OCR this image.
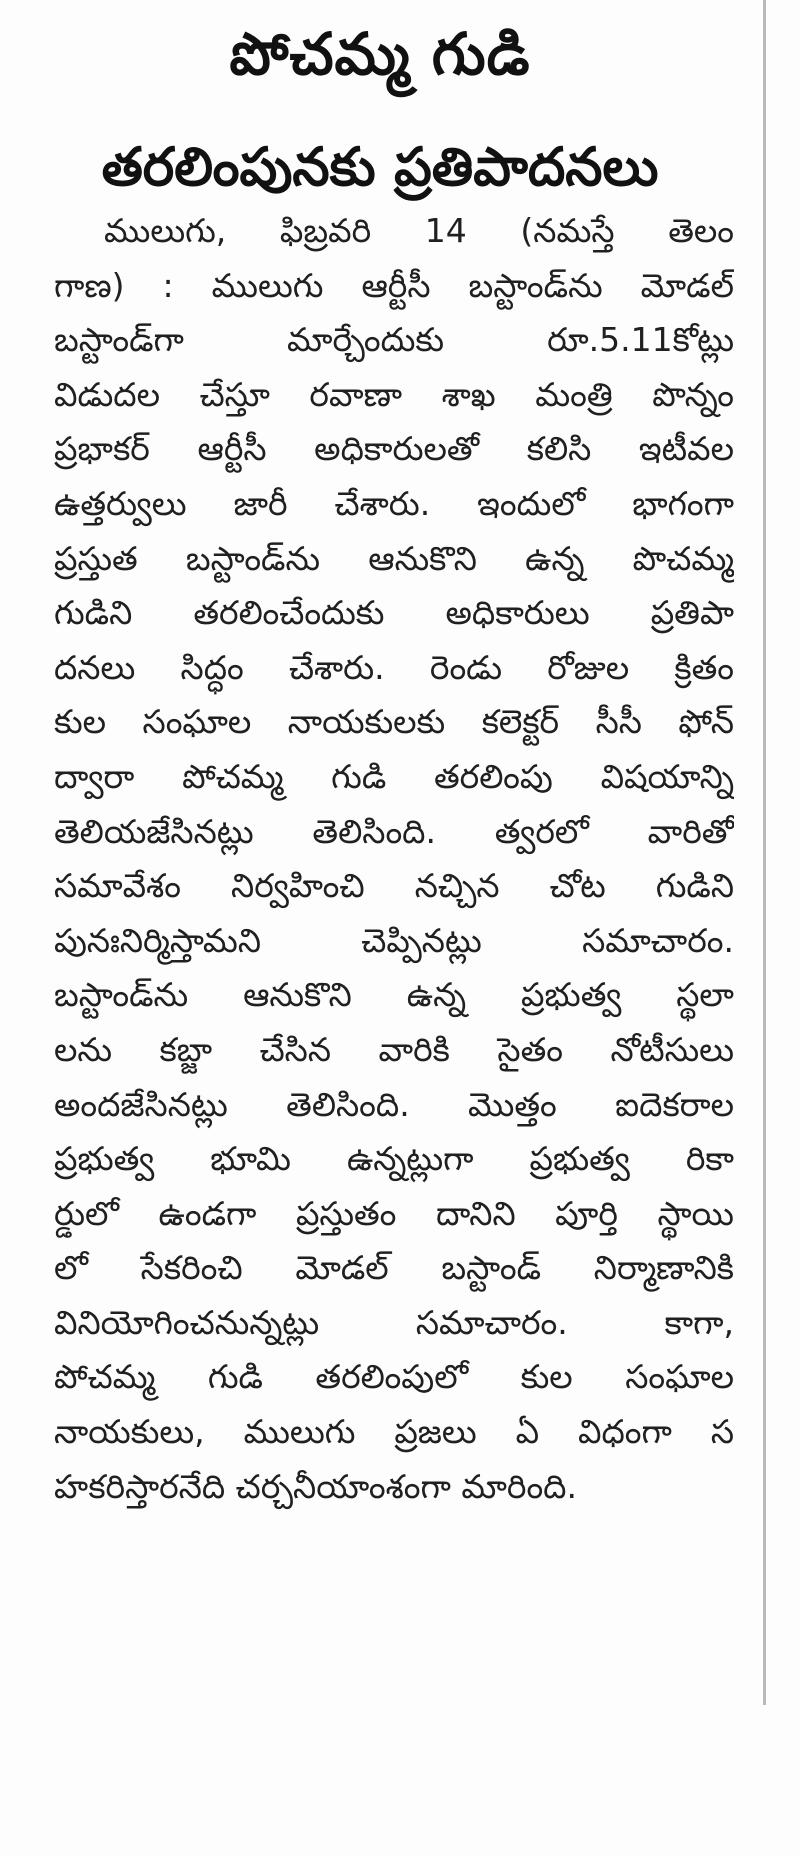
పోచమ్మ గుడి
తరలింపునకు ప్రతిపాదనలు
ములుగు, ఫిబ్రవరి 14 (నమస్తే తెలం
గాణ) : ములుగు ఆర్టీసీ బస్టాండ్‌ను మోడల్
బస్టాండ్‌గా మార్చేందుకు రూ.5.11కోట్లు
విడుదల చేస్తూ రవాణా శాఖ మంత్రి పొన్నం
ప్రభాకర్ ఆర్టీసీ అధికారులతో కలిసి ఇటీవల
ఉత్తర్వులు జారీ చేశారు. ఇందులో భాగంగా
ప్రస్తుత బస్టాండ్‌ను ఆనుకొని ఉన్న పొచమ్మ
గుడిని తరలించేందుకు అధికారులు ప్రతిపా
దనలు సిద్ధం చేశారు. రెండు రోజుల క్రితం
కుల సంఘాల నాయకులకు కలెక్టర్ సీసీ ఫోన్
ద్వారా పోచమ్మ గుడి తరలింపు విషయాన్ని
తెలియజేసినట్లు తెలిసింది. త్వరలో వారితో
సమావేశం నిర్వహించి నచ్చిన చోట గుడిని
పునఃనిర్మిస్తామని చెప్పినట్లు సమాచారం.
బస్టాండ్‌ను ఆనుకొని ఉన్న ప్రభుత్వ స్థలా
లను కబ్జా చేసిన వారికి సైతం నోటీసులు
అందజేసినట్లు తెలిసింది. మొత్తం ఐదెకరాల
ప్రభుత్వ భూమి ఉన్నట్లుగా ప్రభుత్వ రికా
ర్డులో ఉండగా ప్రస్తుతం దానిని పూర్తి స్థాయి
లో సేకరించి మోడల్ బస్టాండ్ నిర్మాణానికి
వినియోగించనున్నట్లు సమాచారం. కాగా,
పోచమ్మ గుడి తరలింపులో కుల సంఘాల
నాయకులు, ములుగు ప్రజలు ఏ విధంగా స
హకరిస్తారనేది చర్చనీయాంశంగా మారింది.
